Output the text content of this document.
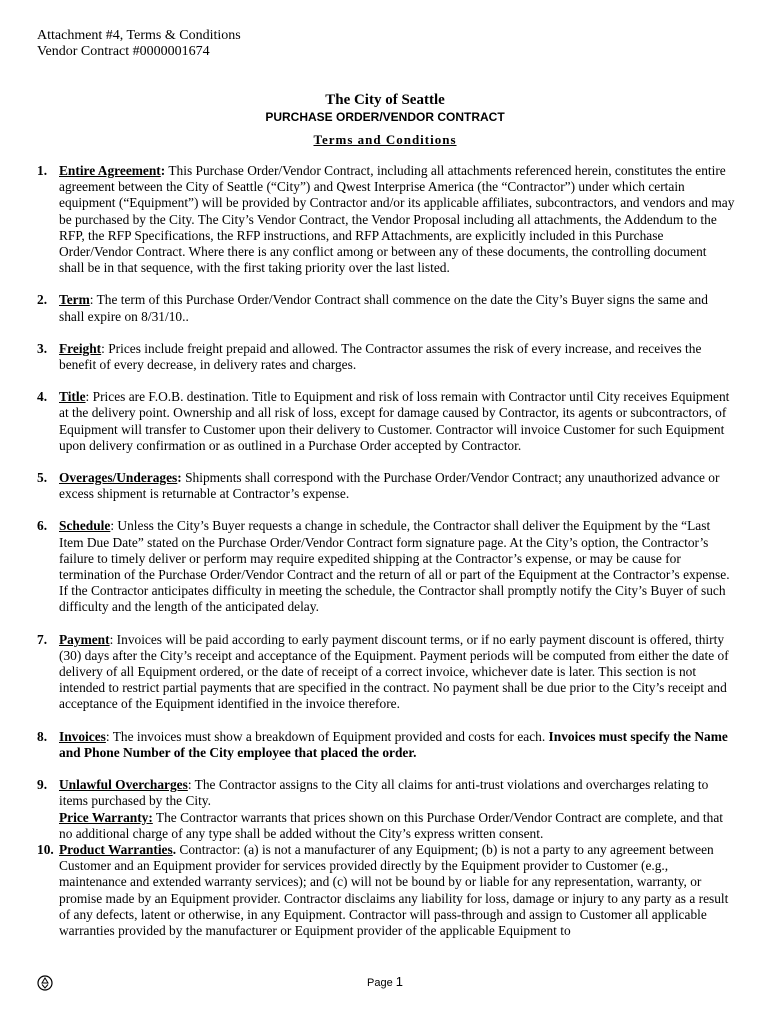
Attachment #4, Terms & Conditions
Vendor Contract #0000001674
The City of Seattle
PURCHASE ORDER/VENDOR CONTRACT
Terms and Conditions
1. Entire Agreement: This Purchase Order/Vendor Contract, including all attachments referenced herein, constitutes the entire agreement between the City of Seattle (“City”) and Qwest Interprise America (the “Contractor”) under which certain equipment (“Equipment”) will be provided by Contractor and/or its applicable affiliates, subcontractors, and vendors and may be purchased by the City. The City’s Vendor Contract, the Vendor Proposal including all attachments, the Addendum to the RFP, the RFP Specifications, the RFP instructions, and RFP Attachments, are explicitly included in this Purchase Order/Vendor Contract. Where there is any conflict among or between any of these documents, the controlling document shall be in that sequence, with the first taking priority over the last listed.
2. Term: The term of this Purchase Order/Vendor Contract shall commence on the date the City’s Buyer signs the same and shall expire on 8/31/10..
3. Freight: Prices include freight prepaid and allowed. The Contractor assumes the risk of every increase, and receives the benefit of every decrease, in delivery rates and charges.
4. Title: Prices are F.O.B. destination. Title to Equipment and risk of loss remain with Contractor until City receives Equipment at the delivery point. Ownership and all risk of loss, except for damage caused by Contractor, its agents or subcontractors, of Equipment will transfer to Customer upon their delivery to Customer. Contractor will invoice Customer for such Equipment upon delivery confirmation or as outlined in a Purchase Order accepted by Contractor.
5. Overages/Underages: Shipments shall correspond with the Purchase Order/Vendor Contract; any unauthorized advance or excess shipment is returnable at Contractor’s expense.
6. Schedule: Unless the City’s Buyer requests a change in schedule, the Contractor shall deliver the Equipment by the “Last Item Due Date” stated on the Purchase Order/Vendor Contract form signature page. At the City’s option, the Contractor’s failure to timely deliver or perform may require expedited shipping at the Contractor’s expense, or may be cause for termination of the Purchase Order/Vendor Contract and the return of all or part of the Equipment at the Contractor’s expense. If the Contractor anticipates difficulty in meeting the schedule, the Contractor shall promptly notify the City’s Buyer of such difficulty and the length of the anticipated delay.
7. Payment: Invoices will be paid according to early payment discount terms, or if no early payment discount is offered, thirty (30) days after the City’s receipt and acceptance of the Equipment. Payment periods will be computed from either the date of delivery of all Equipment ordered, or the date of receipt of a correct invoice, whichever date is later. This section is not intended to restrict partial payments that are specified in the contract. No payment shall be due prior to the City’s receipt and acceptance of the Equipment identified in the invoice therefore.
8. Invoices: The invoices must show a breakdown of Equipment provided and costs for each. Invoices must specify the Name and Phone Number of the City employee that placed the order.
9. Unlawful Overcharges: The Contractor assigns to the City all claims for anti-trust violations and overcharges relating to items purchased by the City.
Price Warranty: The Contractor warrants that prices shown on this Purchase Order/Vendor Contract are complete, and that no additional charge of any type shall be added without the City’s express written consent.
10. Product Warranties. Contractor: (a) is not a manufacturer of any Equipment; (b) is not a party to any agreement between Customer and an Equipment provider for services provided directly by the Equipment provider to Customer (e.g., maintenance and extended warranty services); and (c) will not be bound by or liable for any representation, warranty, or promise made by an Equipment provider. Contractor disclaims any liability for loss, damage or injury to any party as a result of any defects, latent or otherwise, in any Equipment. Contractor will pass-through and assign to Customer all applicable warranties provided by the manufacturer or Equipment provider of the applicable Equipment to
Page 1
